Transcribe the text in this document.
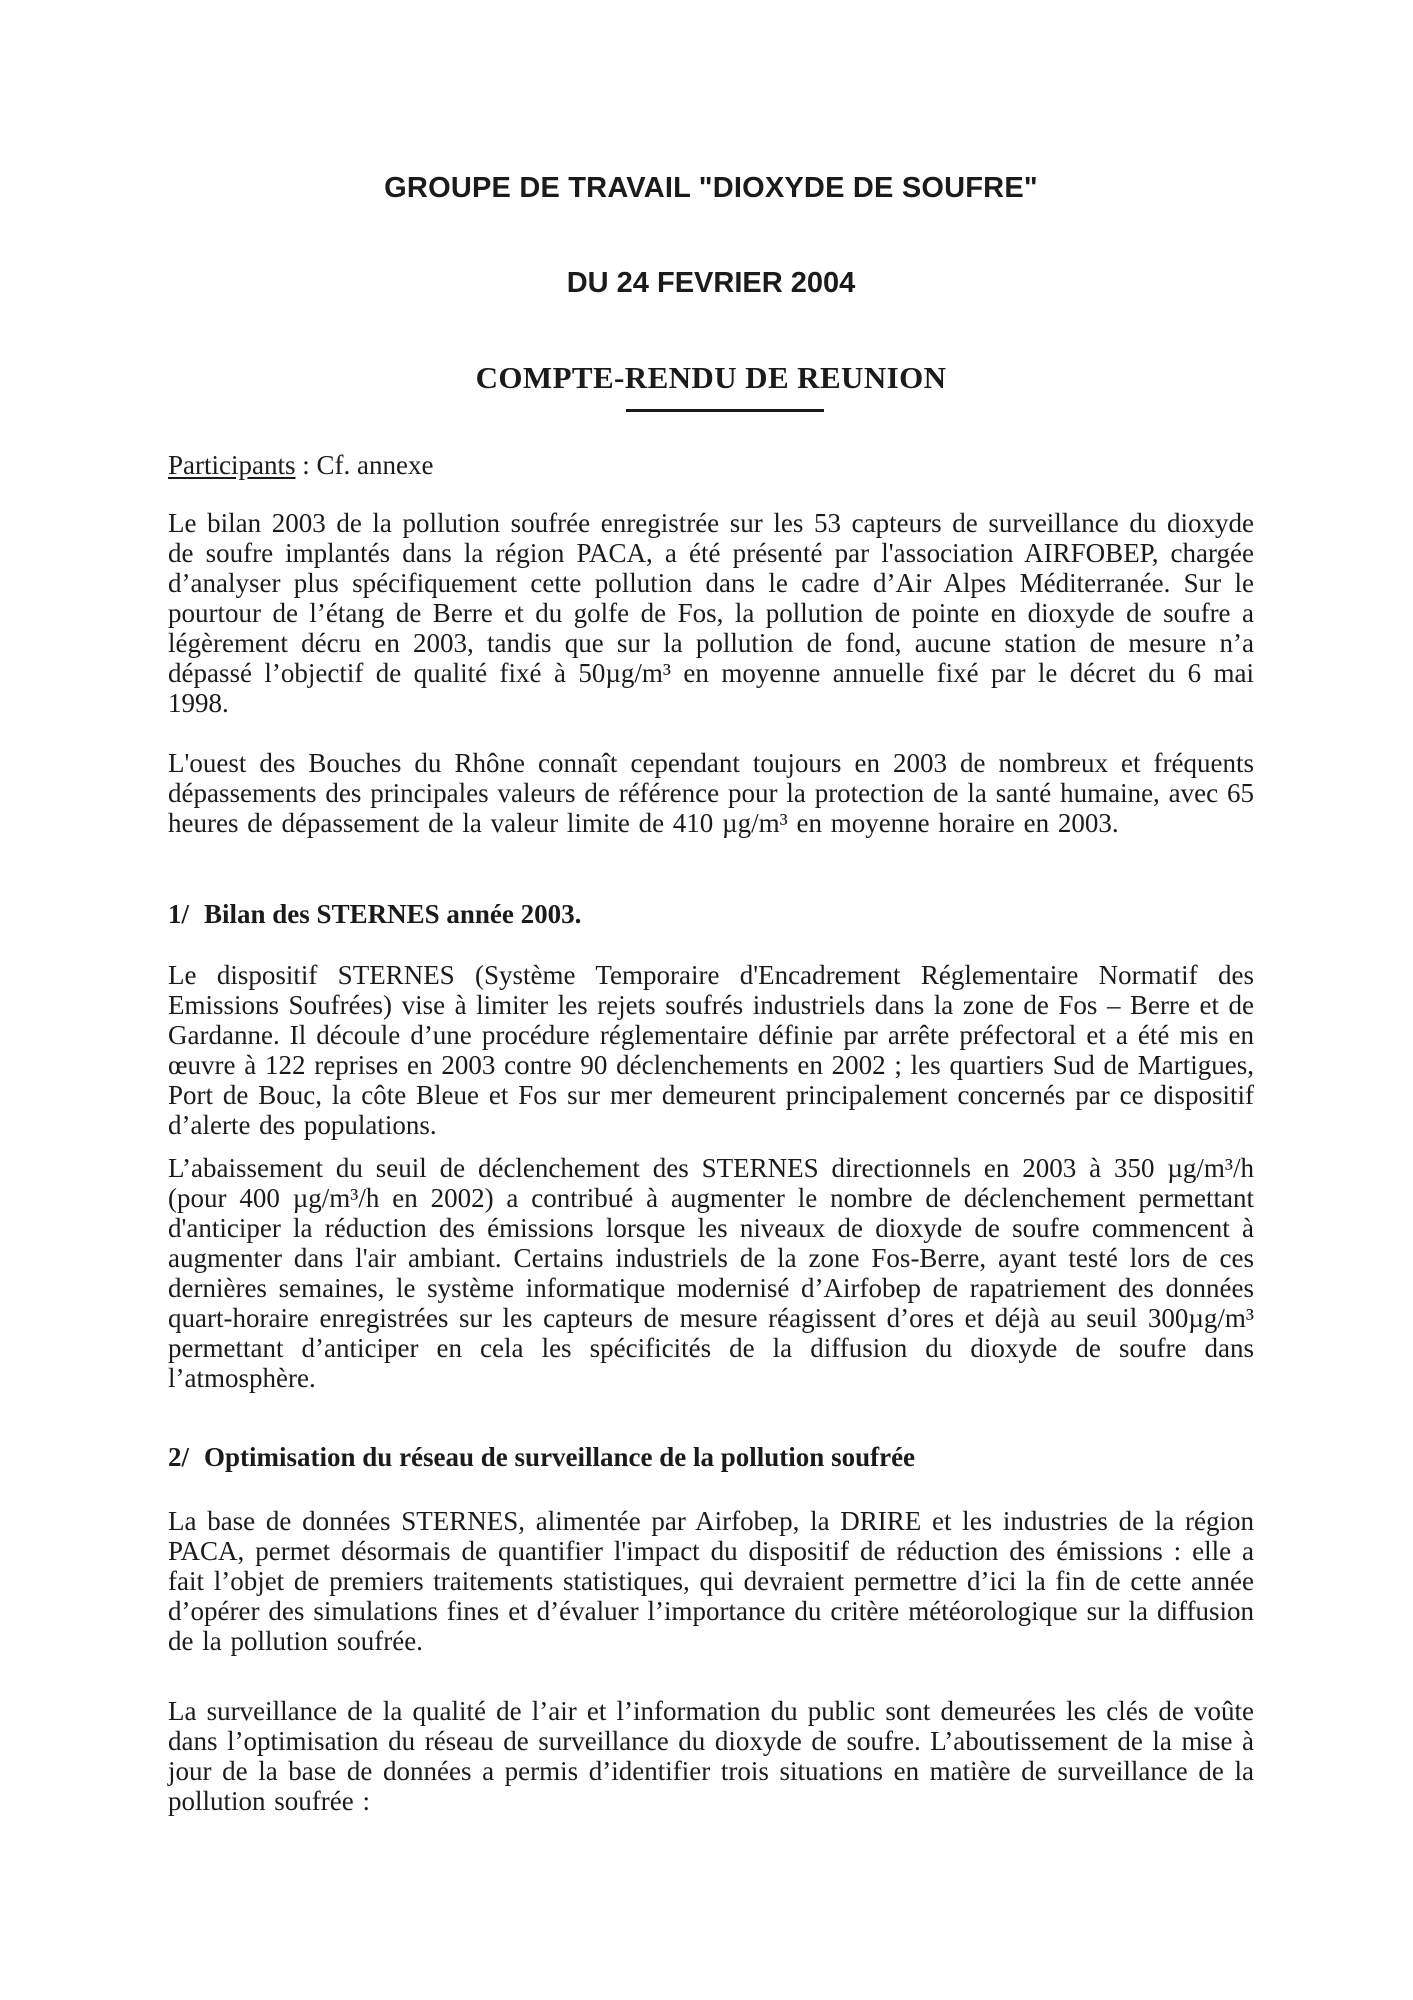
GROUPE DE TRAVAIL "DIOXYDE DE SOUFRE"
DU 24 FEVRIER 2004
COMPTE-RENDU DE REUNION

Participants : Cf. annexe

Le bilan 2003 de la pollution soufrée enregistrée sur les 53 capteurs de surveillance du dioxyde de soufre implantés dans la région PACA, a été présenté par l'association AIRFOBEP, chargée d’analyser plus spécifiquement cette pollution dans le cadre d’Air Alpes Méditerranée. Sur le pourtour de l’étang de Berre et du golfe de Fos, la pollution de pointe en dioxyde de soufre a légèrement décru en 2003, tandis que sur la pollution de fond, aucune station de mesure n’a dépassé l’objectif de qualité fixé à 50µg/m³ en moyenne annuelle fixé par le décret du 6 mai 1998.

L'ouest des Bouches du Rhône connaît cependant toujours en 2003 de nombreux et fréquents dépassements des principales valeurs de référence pour la protection de la santé humaine, avec 65 heures de dépassement de la valeur limite de 410 µg/m³ en moyenne horaire en 2003.

1/ Bilan des STERNES année 2003.

Le dispositif STERNES (Système Temporaire d'Encadrement Réglementaire Normatif des Emissions Soufrées) vise à limiter les rejets soufrés industriels dans la zone de Fos – Berre et de Gardanne. Il découle d’une procédure réglementaire définie par arrête préfectoral et a été mis en œuvre à 122 reprises en 2003 contre 90 déclenchements en 2002 ; les quartiers Sud de Martigues, Port de Bouc, la côte Bleue et Fos sur mer demeurent principalement concernés par ce dispositif d’alerte des populations.

L’abaissement du seuil de déclenchement des STERNES directionnels en 2003 à 350 µg/m³/h (pour 400 µg/m³/h en 2002) a contribué à augmenter le nombre de déclenchement permettant d'anticiper la réduction des émissions lorsque les niveaux de dioxyde de soufre commencent à augmenter dans l'air ambiant. Certains industriels de la zone Fos-Berre, ayant testé lors de ces dernières semaines, le système informatique modernisé d’Airfobep de rapatriement des données quart-horaire enregistrées sur les capteurs de mesure réagissent d’ores et déjà au seuil 300µg/m³ permettant d’anticiper en cela les spécificités de la diffusion du dioxyde de soufre dans l’atmosphère.

2/ Optimisation du réseau de surveillance de la pollution soufrée

La base de données STERNES, alimentée par Airfobep, la DRIRE et les industries de la région PACA, permet désormais de quantifier l'impact du dispositif de réduction des émissions : elle a fait l’objet de premiers traitements statistiques, qui devraient permettre d’ici la fin de cette année d’opérer des simulations fines et d’évaluer l’importance du critère météorologique sur la diffusion de la pollution soufrée.

La surveillance de la qualité de l’air et l’information du public sont demeurées les clés de voûte dans l’optimisation du réseau de surveillance du dioxyde de soufre. L’aboutissement de la mise à jour de la base de données a permis d’identifier trois situations en matière de surveillance de la pollution soufrée :
